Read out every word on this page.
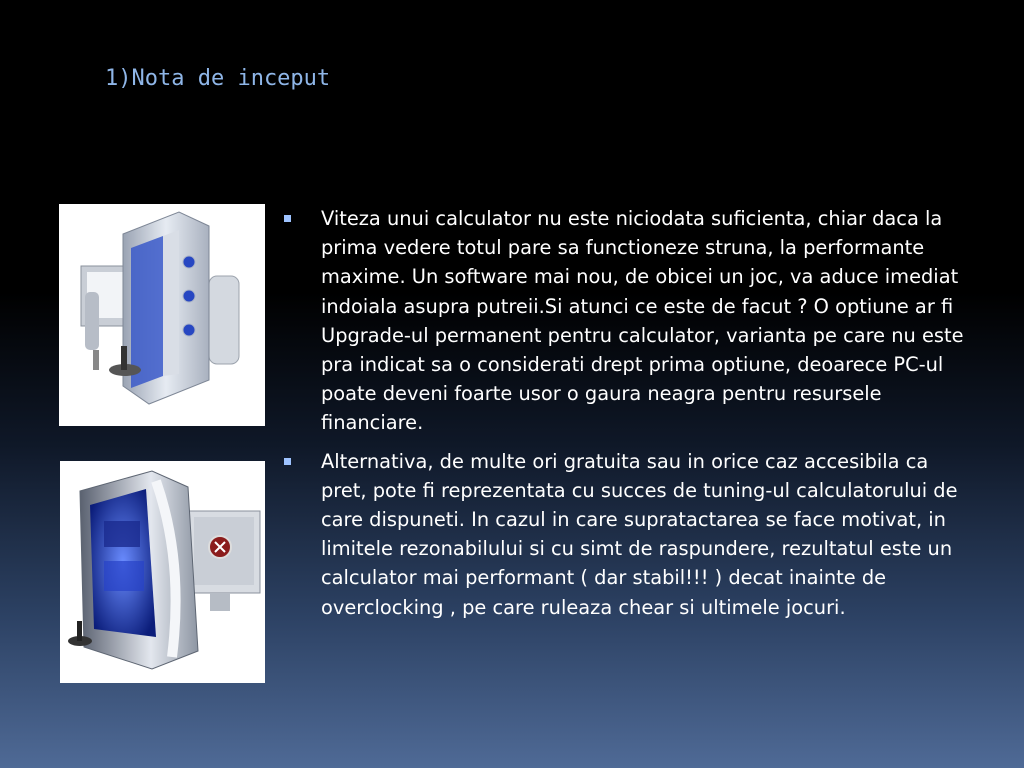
1)Nota de inceput
Viteza unui calculator nu este niciodata suficienta, chiar daca la prima vedere totul pare sa functioneze struna, la performante maxime. Un software mai nou, de obicei un joc, va aduce imediat indoiala asupra putreii.Si atunci ce este de facut ? O optiune ar fi Upgrade-ul permanent pentru calculator, varianta pe care nu este pra indicat sa o considerati drept prima optiune, deoarece PC-ul poate deveni foarte usor o gaura neagra pentru resursele financiare.
Alternativa, de multe ori gratuita sau in orice caz accesibila ca pret, pote fi reprezentata cu succes de tuning-ul calculatorului de care dispuneti. In cazul in care supratactarea se face motivat, in limitele rezonabilului si cu simt de raspundere, rezultatul este un calculator mai performant ( dar stabil!!! ) decat inainte de overclocking , pe care ruleaza chear si ultimele jocuri.
